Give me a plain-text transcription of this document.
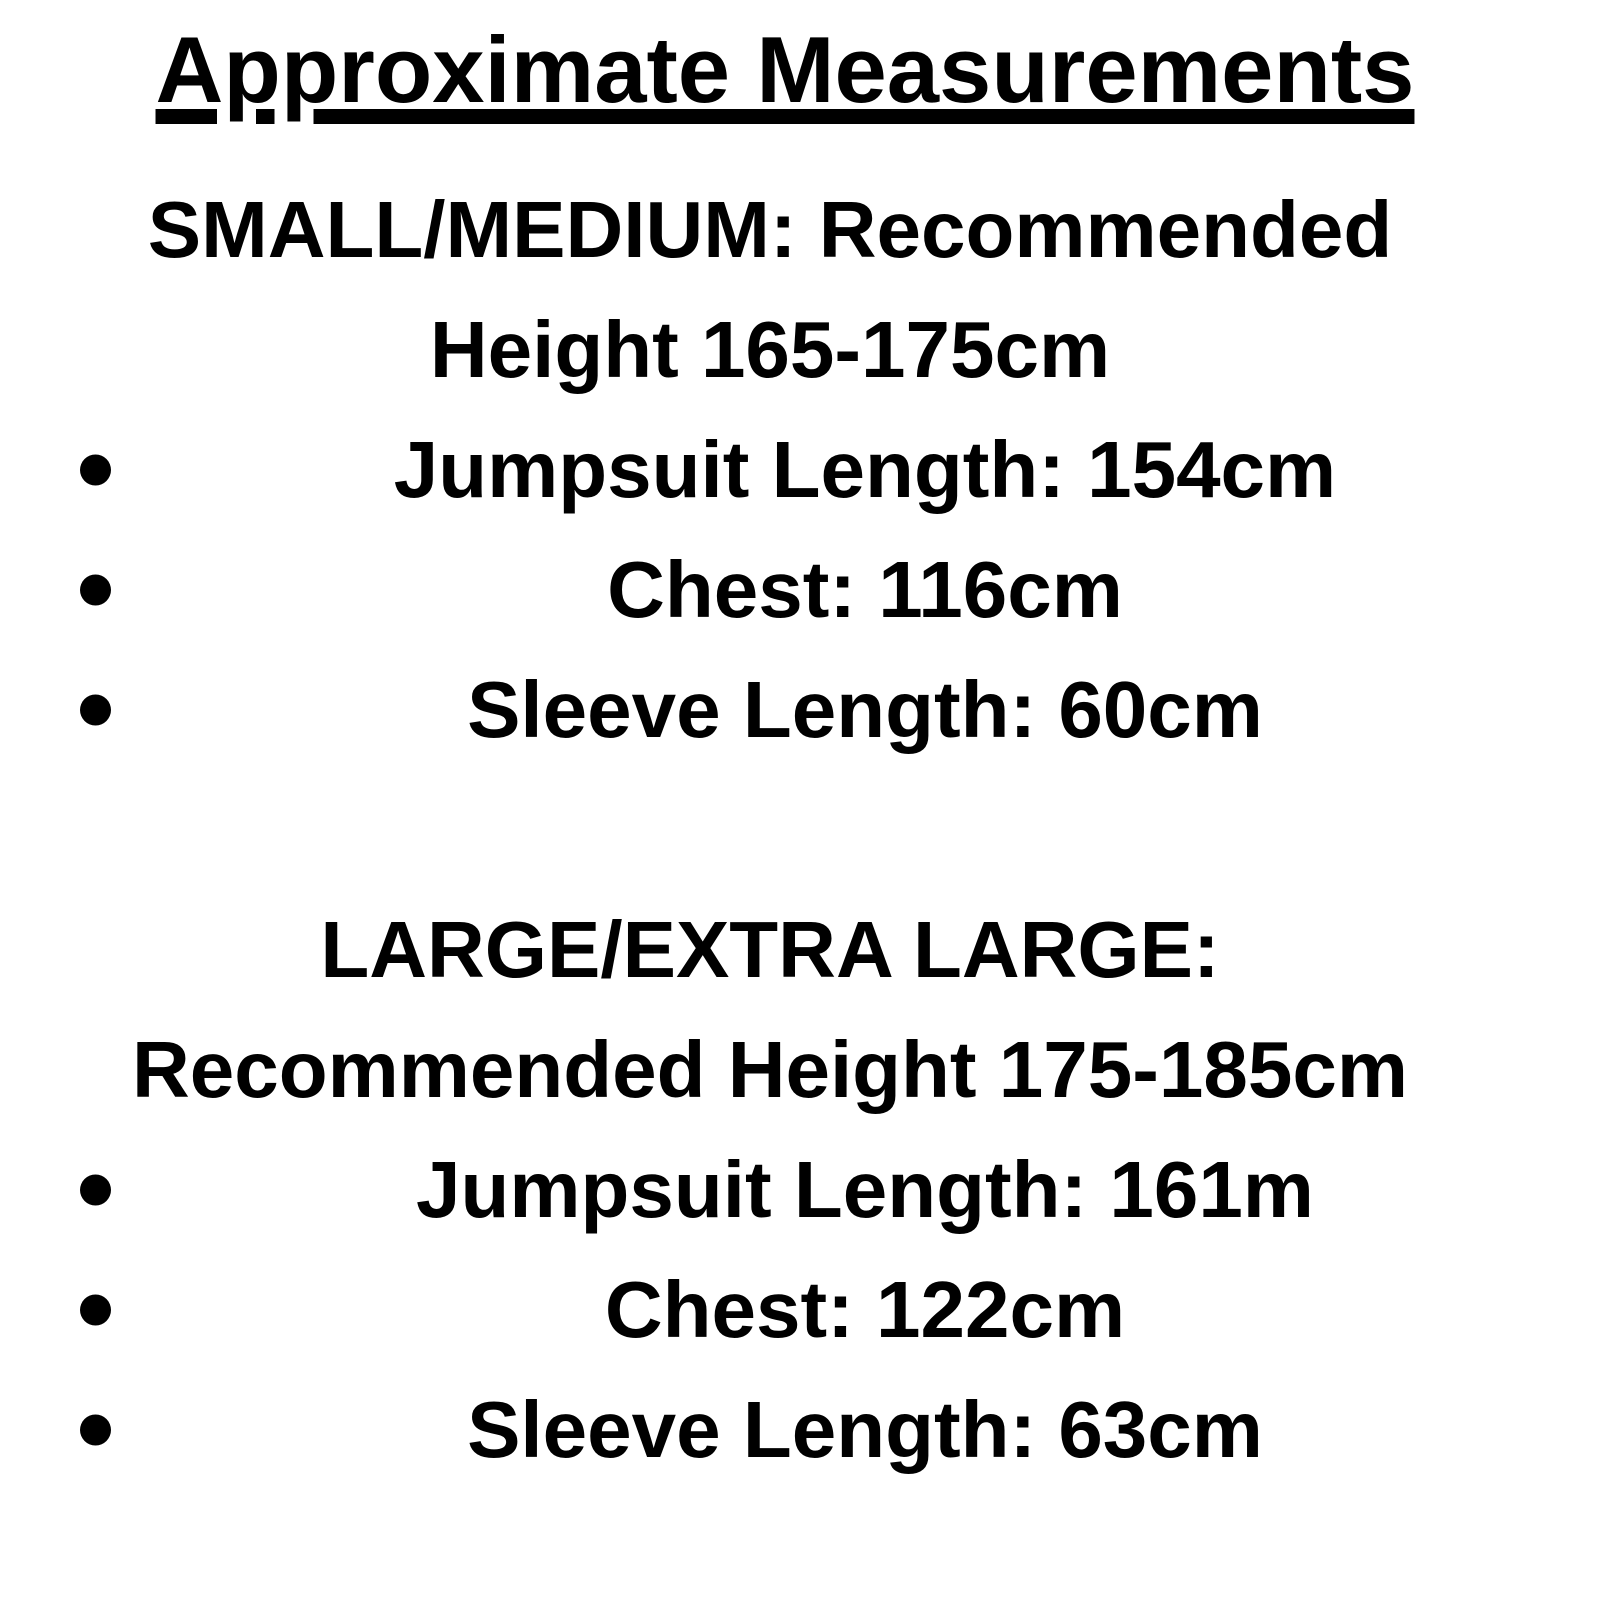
Approximate Measurements
SMALL/MEDIUM: Recommended
Height 165-175cm
Jumpsuit Length: 154cm
Chest: 116cm
Sleeve Length: 60cm
LARGE/EXTRA LARGE:
Recommended Height 175-185cm
Jumpsuit Length: 161m
Chest: 122cm
Sleeve Length: 63cm
